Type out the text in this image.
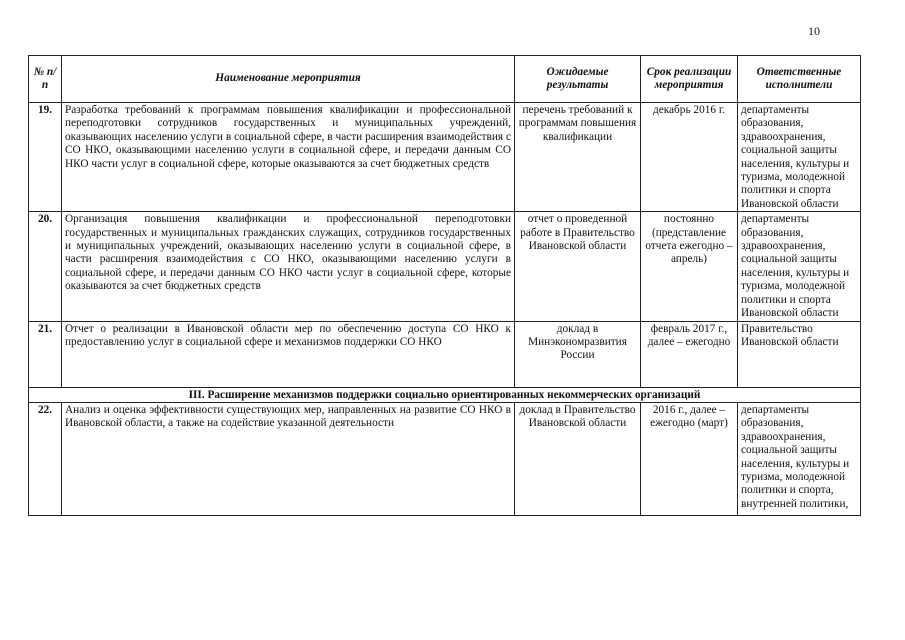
10
№ п/п	Наименование мероприятия	Ожидаемые результаты	Срок реализации мероприятия	Ответственные исполнители
19.	Разработка требований к программам повышения квалификации и профессиональной переподготовки сотрудников государственных и муниципальных учреждений, оказывающих населению услуги в социальной сфере, в части расширения взаимодействия с СО НКО, оказывающими населению услуги в социальной сфере, и передачи данным СО НКО части услуг в социальной сфере, которые оказываются за счет бюджетных средств	перечень требований к программам повышения квалификации	декабрь 2016 г.	департаменты образования, здравоохранения, социальной защиты населения, культуры и туризма, молодежной политики и спорта Ивановской области
20.	Организация повышения квалификации и профессиональной переподготовки государственных и муниципальных гражданских служащих, сотрудников государственных и муниципальных учреждений, оказывающих населению услуги в социальной сфере, в части расширения взаимодействия с СО НКО, оказывающими населению услуги в социальной сфере, и передачи данным СО НКО части услуг в социальной сфере, которые оказываются за счет бюджетных средств	отчет о проведенной работе в Правительство Ивановской области	постоянно (представление отчета ежегодно – апрель)	департаменты образования, здравоохранения, социальной защиты населения, культуры и туризма, молодежной политики и спорта Ивановской области
21.	Отчет о реализации в Ивановской области мер по обеспечению доступа СО НКО к предоставлению услуг в социальной сфере и механизмов поддержки СО НКО	доклад в Минэкономразвития России	февраль 2017 г., далее – ежегодно	Правительство Ивановской области
III. Расширение механизмов поддержки социально ориентированных некоммерческих организаций				
22.	Анализ и оценка эффективности существующих мер, направленных на развитие СО НКО в Ивановской области, а также на содействие указанной деятельности	доклад в Правительство Ивановской области	2016 г., далее – ежегодно (март)	департаменты образования, здравоохранения, социальной защиты населения, культуры и туризма, молодежной политики и спорта, внутренней политики,
